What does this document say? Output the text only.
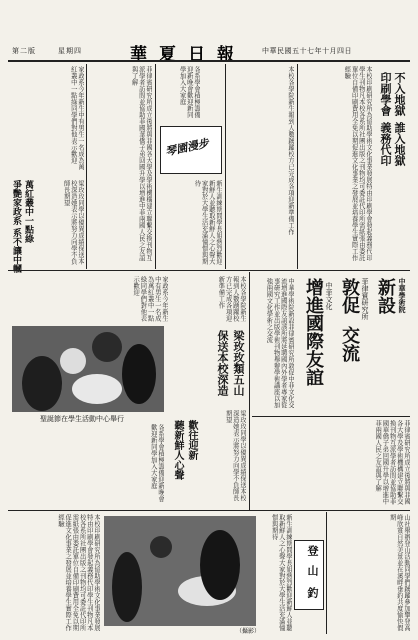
第二版	星期四	華夏日報	中華民國五十七年十月四日
不入地獄
誰入地獄
印刷學會
義務代印
本校印刷研究所為協助學術文化事業發展特由印刷學會發起義務代印學生刊物凡本校各系所社團出版之刊物均可委託代印所需紙張由委託單位自備印刷費用全免以期促進文化事業之發展並培養學生實際工作經驗
本校各學院新生報到人數踴躍校方已完成各項迎新準備工作
各系學會積極籌備迎新晚會歡迎新同學加入大家庭
琴園漫步
新生訓練期間學長姐熱烈歡迎新鮮人並聽取新鮮人之心聲大家對於大學生活充滿憧憬與期待
菲律賓研究所成立後將與菲國各大學及學術機構建立聯繫交換刊物互派學者訪問並協助菲國華僑子弟回國升學以增進中菲兩國人民之友誼與了解
家政系今年新生中有男生一名成為萬紅叢中一點綠同學們對他表示歡迎
萬紅叢中一點綠
爭艷家政系
系不讓中幗	梁玫玫同學以優異成績保送本校深造她表示將努力向學不負師長期望
中華學術院
新設
菲律賓研究所
敦促
中菲文化
交流
增進國際友誼
中華學術院新設菲律賓研究所敦促中菲文化交流增進國際友誼該所將延聘國內外學者專家從事研究工作並出版學術刊物舉辦學術講座以加強兩國文化學術之交流
菲律賓研究所成立後將與菲國各大學及學術機構建立聯繫交換刊物互派學者訪問並協助菲國華僑子弟回國升學以增進中菲兩國人民之友誼與了解
梁玫玫類五山
保送本校深造
本校各學院新生報到人數踴躍校方已完成各項迎新準備工作
梁玫玫同學以優異成績保送本校深造她表示將努力向學不負師長期望
歡往迎新
聽新鮮人心聲
家政系今年新生中有男生一名成為萬紅叢中一點綠同學們對他表示歡迎
聖誕節在學生活動中心舉行
各系學會積極籌備迎新晚會歡迎新同學加入大家庭
山社舉辦登山活動同學們踴躍參加攀登高峰欣賞自然美景並在溪畔垂釣共度愉快假期
新生訓練期間學長姐熱烈歡迎新鮮人並聽取新鮮人之心聲大家對於大學生活充滿憧憬與期待
登
山
釣
本校印刷研究所為協助學術文化事業發展特由印刷學會發起義務代印學生刊物凡本校各系所社團出版之刊物均可委託代印所需紙張由委託單位自備印刷費用全免以期促進文化事業之發展並培養學生實際工作經驗
（攝影）
